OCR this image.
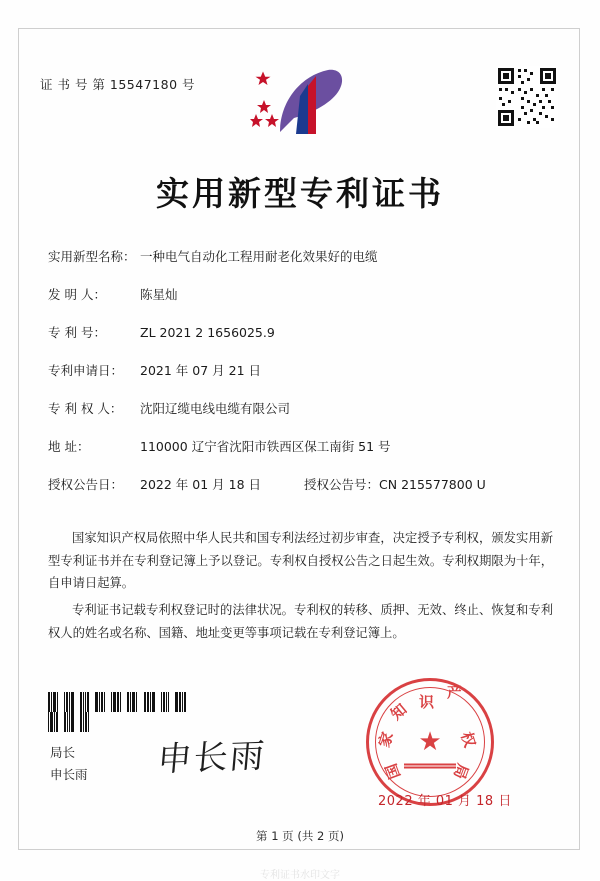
证 书 号 第 15547180 号
实用新型专利证书
实用新型名称： 一种电气自动化工程用耐老化效果好的电缆
发 明 人：	陈星灿
专 利 号：	ZL 2021 2 1656025.9
专利申请日： 2021 年 07 月 21 日
专 利 权 人： 沈阳辽缆电线电缆有限公司
地 址：	110000 辽宁省沈阳市铁西区保工南街 51 号
授权公告日： 2022 年 01 月 18 日	授权公告号：CN 215577800 U

国家知识产权局依照中华人民共和国专利法经过初步审查，决定授予专利权，颁发实用新型专利证书并在专利登记簿上予以登记。专利权自授权公告之日起生效。专利权期限为十年，自申请日起算。

专利证书记载专利权登记时的法律状况。专利权的转移、质押、无效、终止、恢复和专利权人的姓名或名称、国籍、地址变更等事项记载在专利登记簿上。

局长
申长雨 申长雨	★
识
知
家
国
产
权
局
2022 年 01 月 18 日
第 1 页 (共 2 页)
专利证书水印文字
